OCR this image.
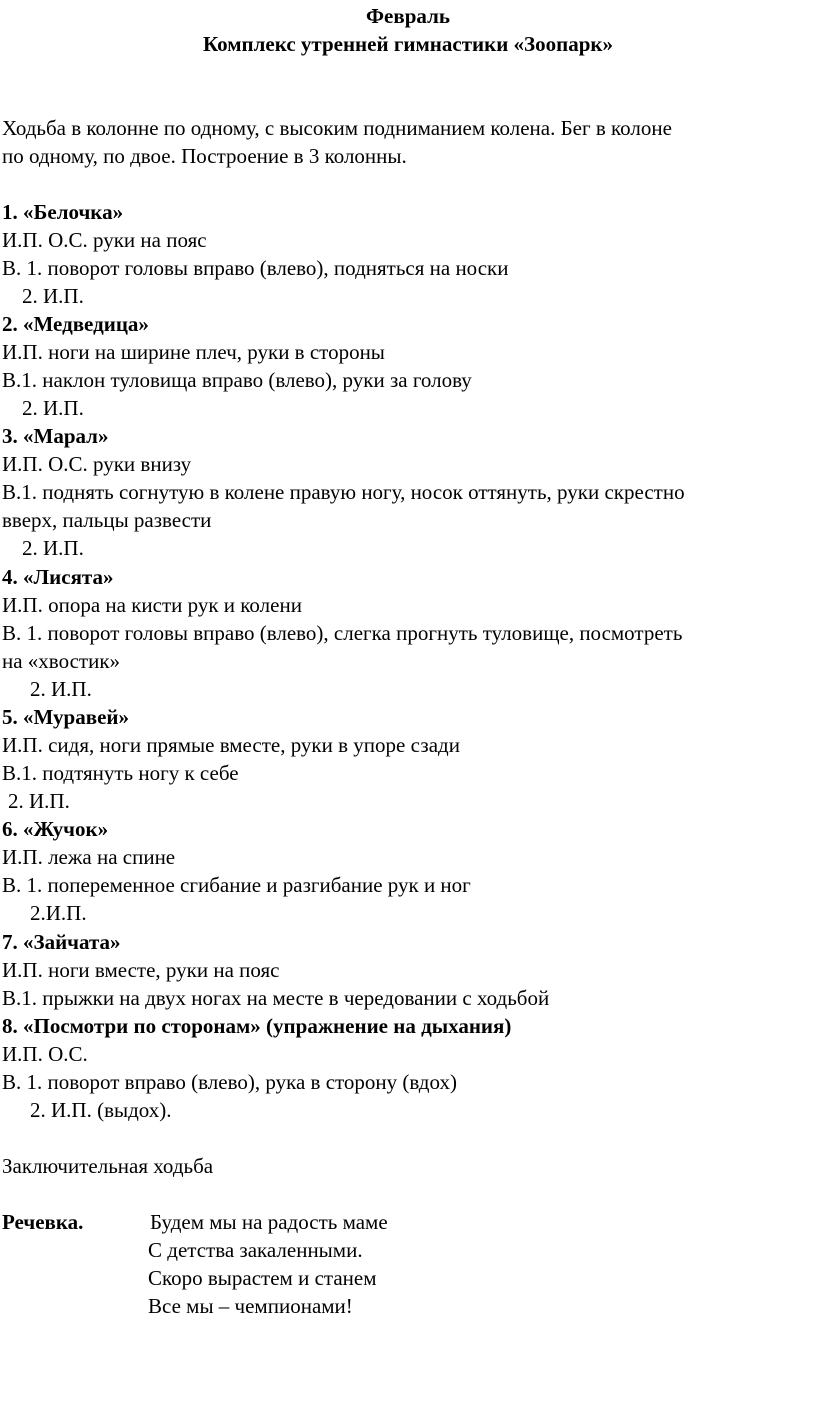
Февраль
Комплекс утренней гимнастики «Зоопарк»
Ходьба в колонне по одному, с высоким подниманием колена. Бег в колоне
по одному, по двое. Построение в 3 колонны.
1. «Белочка»
И.П. О.С. руки на пояс
В. 1. поворот головы вправо (влево), подняться на носки
2. И.П.
2. «Медведица»
И.П. ноги на ширине плеч, руки в стороны
В.1. наклон туловища вправо (влево), руки за голову
2. И.П.
3. «Марал»
И.П. О.С. руки внизу
В.1. поднять согнутую в колене правую ногу, носок оттянуть, руки скрестно
вверх, пальцы развести
2. И.П.
4. «Лисята»
И.П. опора на кисти рук и колени
В. 1. поворот головы вправо (влево), слегка прогнуть туловище, посмотреть
на «хвостик»
2. И.П.
5. «Муравей»
И.П. сидя, ноги прямые вместе, руки в упоре сзади
В.1. подтянуть ногу к себе
2. И.П.
6. «Жучок»
И.П. лежа на спине
В. 1. попеременное сгибание и разгибание рук и ног
2.И.П.
7. «Зайчата»
И.П. ноги вместе, руки на пояс
В.1. прыжки на двух ногах на месте в чередовании с ходьбой
8. «Посмотри по сторонам» (упражнение на дыхания)
И.П. О.С.
В. 1. поворот вправо (влево), рука в сторону (вдох)
2. И.П. (выдох).
Заключительная ходьба
Речевка.	Будем мы на радость маме
С детства закаленными.
Скоро вырастем и станем
Все мы – чемпионами!
